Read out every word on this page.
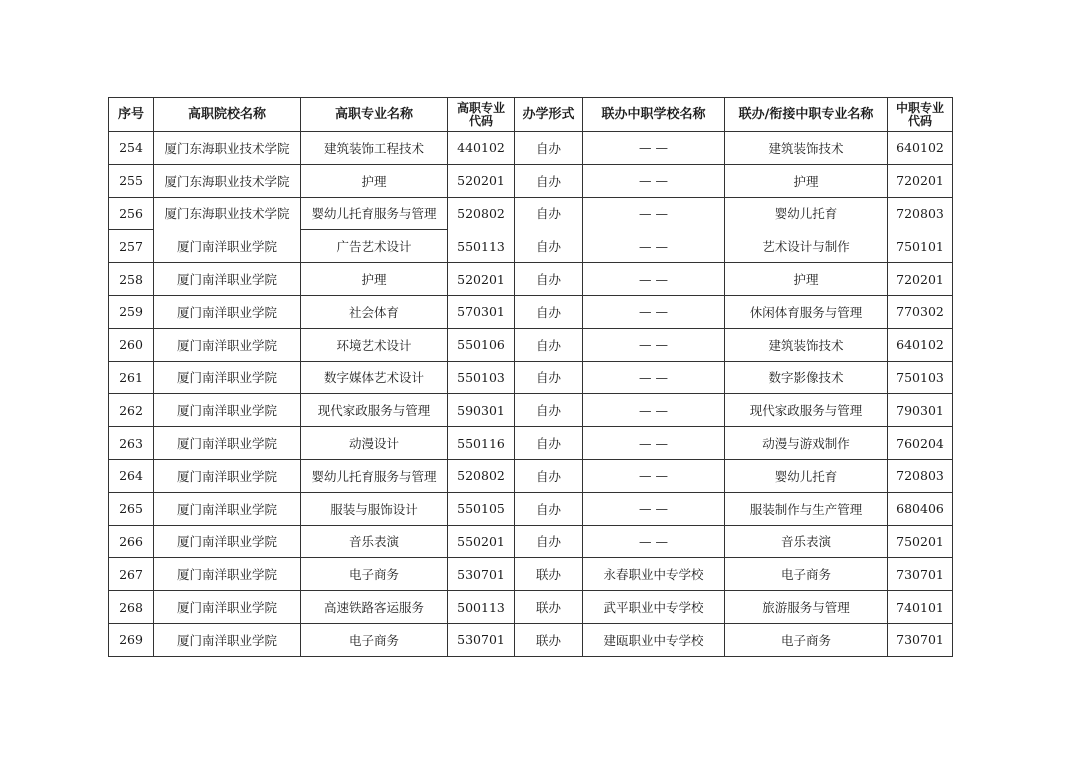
序号	高职院校名称	高职专业名称	高职专业代码	办学形式	联办中职学校名称	联办/衔接中职专业名称	中职专业代码

254	厦门东海职业技术学院	建筑装饰工程技术	440102	自办	— —	建筑装饰技术	640102
255	厦门东海职业技术学院	护理	520201	自办	— —	护理	720201
256	厦门东海职业技术学院	婴幼儿托育服务与管理	520802	自办	— —	婴幼儿托育	720803
257	厦门南洋职业学院	广告艺术设计	550113	自办	— —	艺术设计与制作	750101
258	厦门南洋职业学院	护理	520201	自办	— —	护理	720201
259	厦门南洋职业学院	社会体育	570301	自办	— —	休闲体育服务与管理	770302
260	厦门南洋职业学院	环境艺术设计	550106	自办	— —	建筑装饰技术	640102
261	厦门南洋职业学院	数字媒体艺术设计	550103	自办	— —	数字影像技术	750103
262	厦门南洋职业学院	现代家政服务与管理	590301	自办	— —	现代家政服务与管理	790301
263	厦门南洋职业学院	动漫设计	550116	自办	— —	动漫与游戏制作	760204
264	厦门南洋职业学院	婴幼儿托育服务与管理	520802	自办	— —	婴幼儿托育	720803
265	厦门南洋职业学院	服装与服饰设计	550105	自办	— —	服装制作与生产管理	680406
266	厦门南洋职业学院	音乐表演	550201	自办	— —	音乐表演	750201
267	厦门南洋职业学院	电子商务	530701	联办	永春职业中专学校	电子商务	730701
268	厦门南洋职业学院	高速铁路客运服务	500113	联办	武平职业中专学校	旅游服务与管理	740101
269	厦门南洋职业学院	电子商务	530701	联办	建瓯职业中专学校	电子商务	730701
